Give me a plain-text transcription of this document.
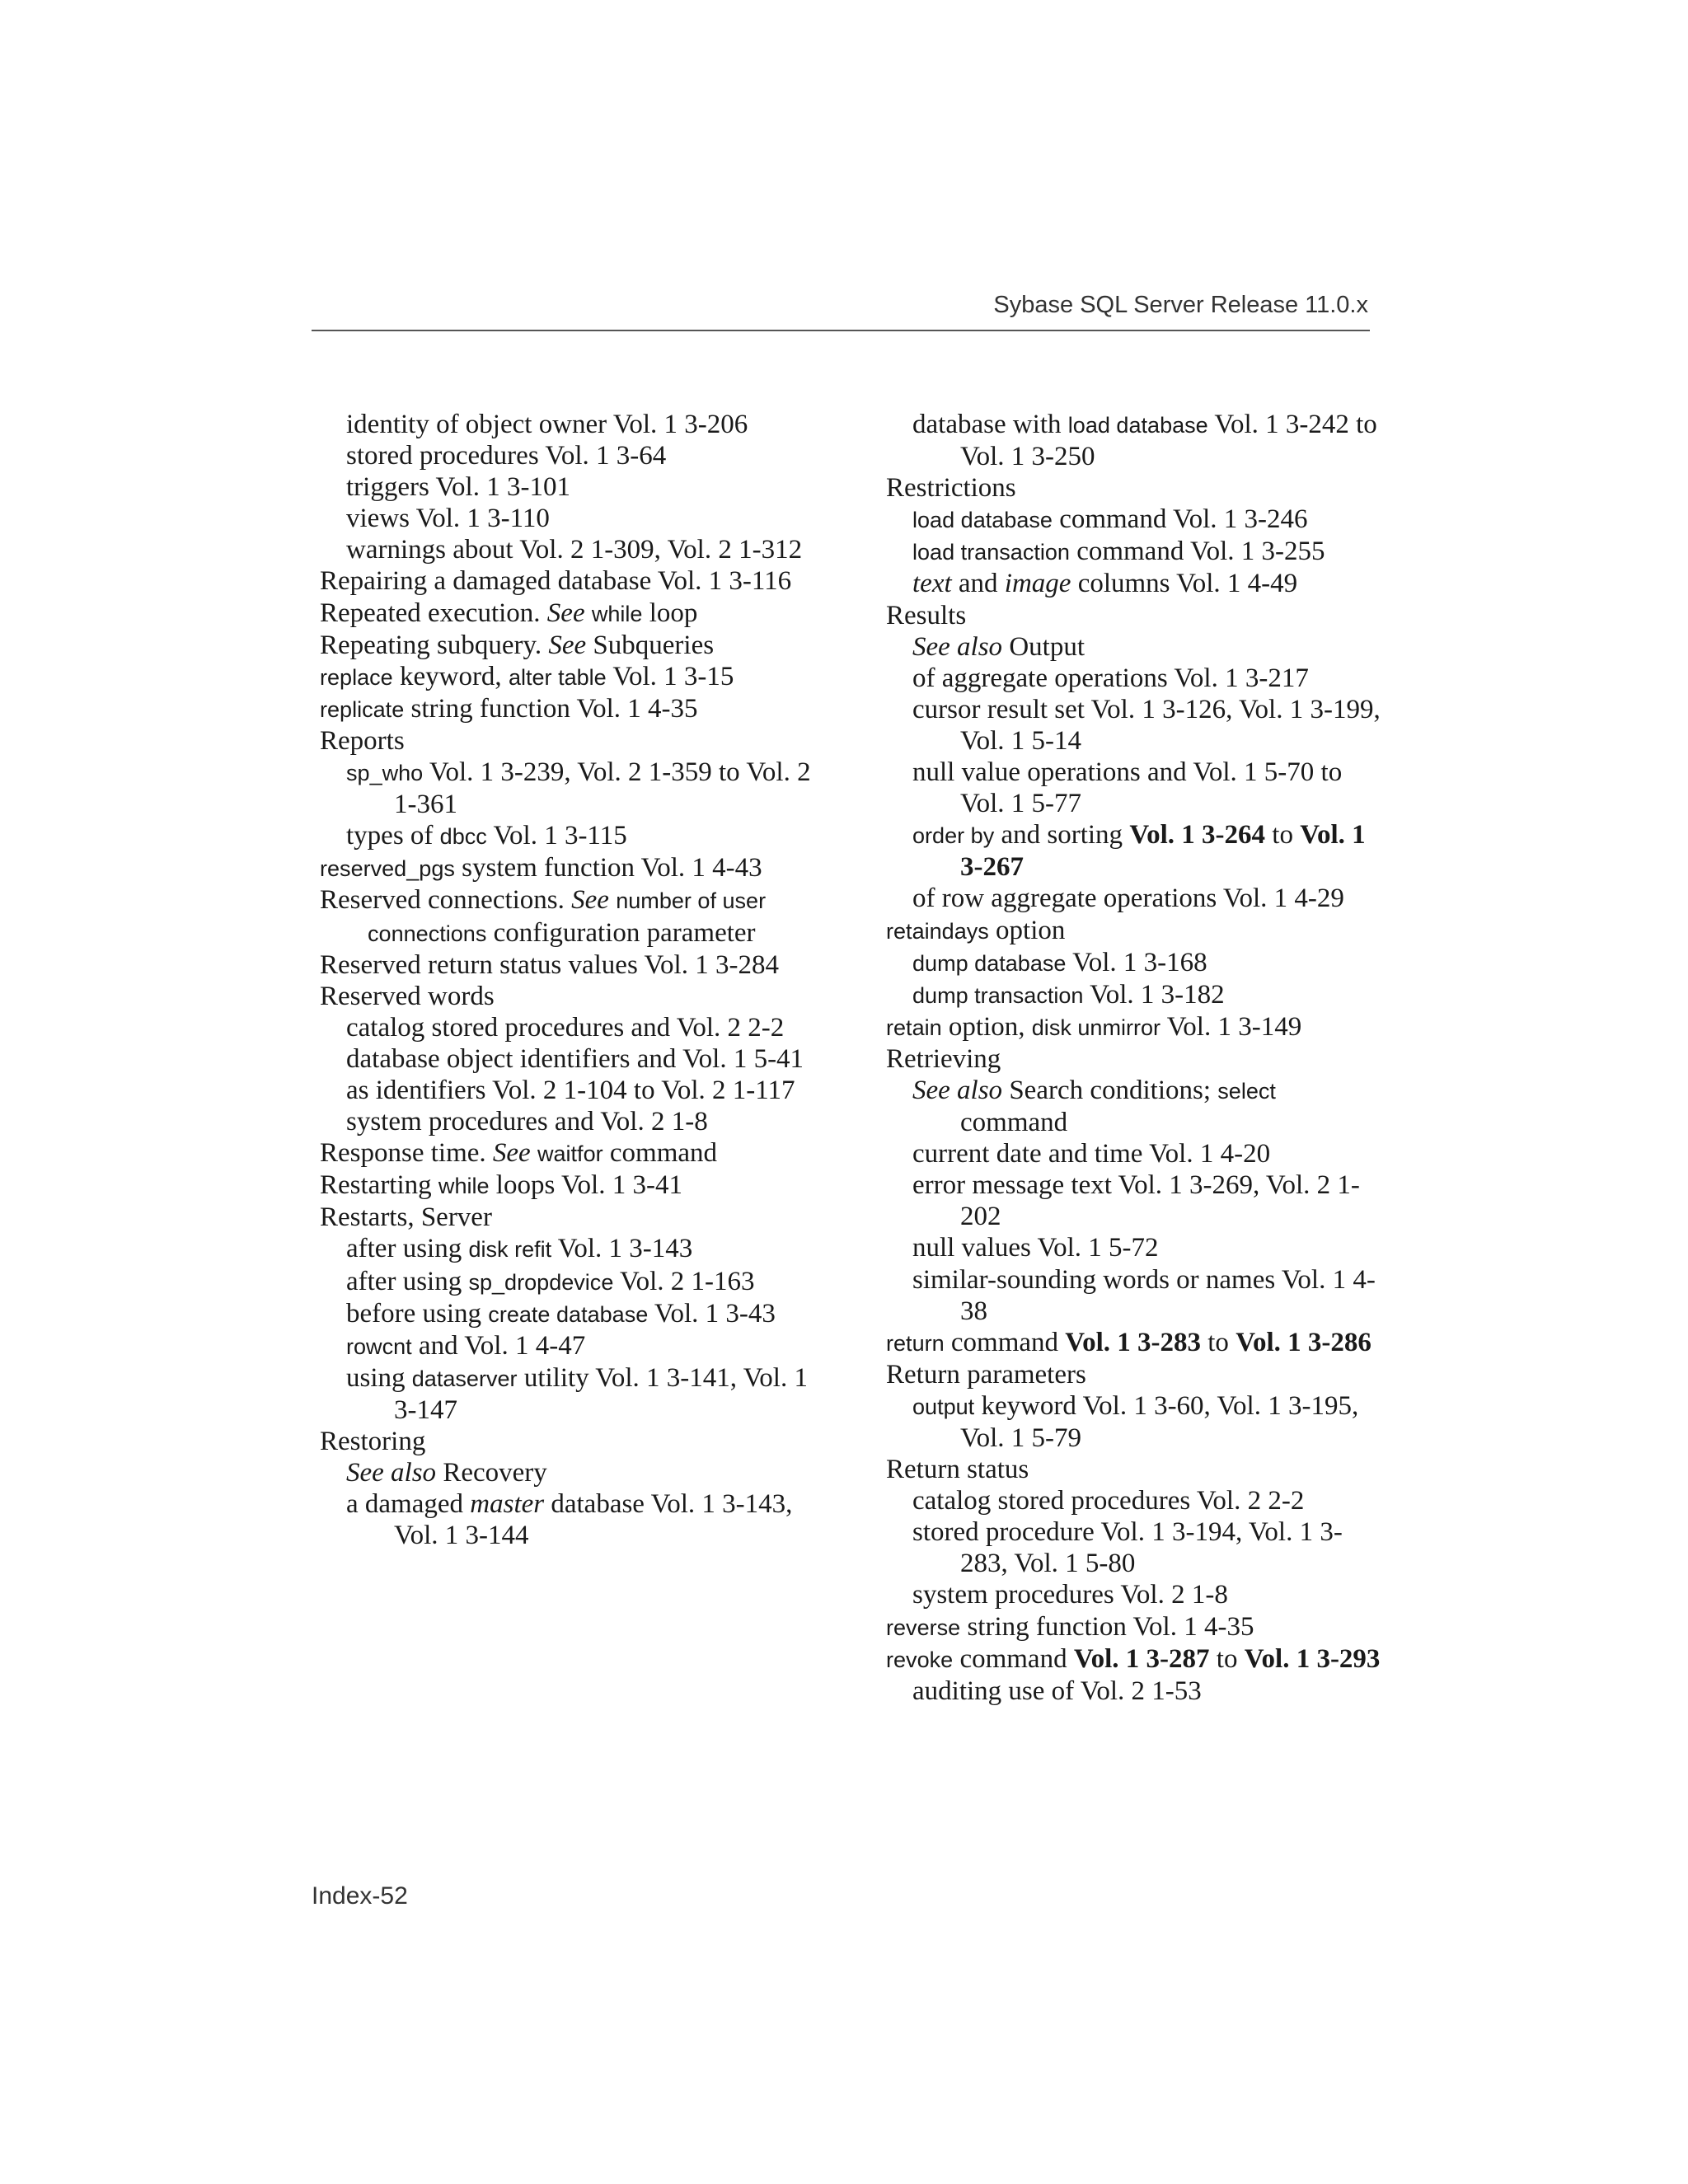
Sybase SQL Server Release 11.0.x
identity of object owner Vol. 1 3-206
stored procedures Vol. 1 3-64
triggers Vol. 1 3-101
views Vol. 1 3-110
warnings about Vol. 2 1-309, Vol. 2 1-312
Repairing a damaged database Vol. 1 3-116
Repeated execution. See while loop
Repeating subquery. See Subqueries
replace keyword, alter table Vol. 1 3-15
replicate string function Vol. 1 4-35
Reports
sp_who Vol. 1 3-239, Vol. 2 1-359 to Vol. 2 1-361
types of dbcc Vol. 1 3-115
reserved_pgs system function Vol. 1 4-43
Reserved connections. See number of user connections configuration parameter
Reserved return status values Vol. 1 3-284
Reserved words
catalog stored procedures and Vol. 2 2-2
database object identifiers and Vol. 1 5-41
as identifiers Vol. 2 1-104 to Vol. 2 1-117
system procedures and Vol. 2 1-8
Response time. See waitfor command
Restarting while loops Vol. 1 3-41
Restarts, Server
after using disk refit Vol. 1 3-143
after using sp_dropdevice Vol. 2 1-163
before using create database Vol. 1 3-43
rowcnt and Vol. 1 4-47
using dataserver utility Vol. 1 3-141, Vol. 1 3-147
Restoring
See also Recovery
a damaged master database Vol. 1 3-143, Vol. 1 3-144
database with load database Vol. 1 3-242 to Vol. 1 3-250
Restrictions
load database command Vol. 1 3-246
load transaction command Vol. 1 3-255
text and image columns Vol. 1 4-49
Results
See also Output
of aggregate operations Vol. 1 3-217
cursor result set Vol. 1 3-126, Vol. 1 3-199, Vol. 1 5-14
null value operations and Vol. 1 5-70 to Vol. 1 5-77
order by and sorting Vol. 1 3-264 to Vol. 1 3-267
of row aggregate operations Vol. 1 4-29
retaindays option
dump database Vol. 1 3-168
dump transaction Vol. 1 3-182
retain option, disk unmirror Vol. 1 3-149
Retrieving
See also Search conditions; select command
current date and time Vol. 1 4-20
error message text Vol. 1 3-269, Vol. 2 1-202
null values Vol. 1 5-72
similar-sounding words or names Vol. 1 4-38
return command Vol. 1 3-283 to Vol. 1 3-286
Return parameters
output keyword Vol. 1 3-60, Vol. 1 3-195, Vol. 1 5-79
Return status
catalog stored procedures Vol. 2 2-2
stored procedure Vol. 1 3-194, Vol. 1 3-283, Vol. 1 5-80
system procedures Vol. 2 1-8
reverse string function Vol. 1 4-35
revoke command Vol. 1 3-287 to Vol. 1 3-293
auditing use of Vol. 2 1-53
Index-52
